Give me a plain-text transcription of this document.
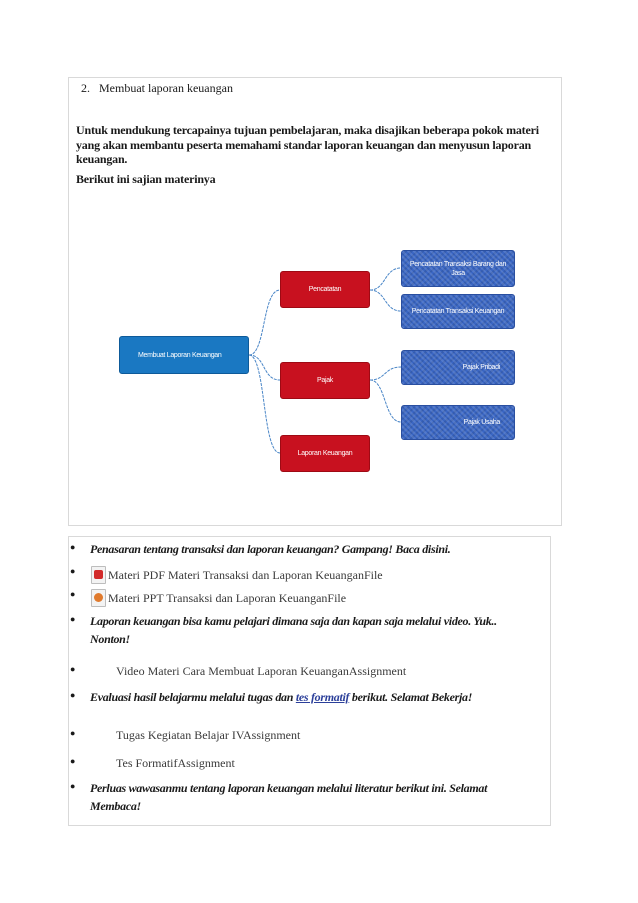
2. Membuat laporan keuangan
Untuk mendukung tercapainya tujuan pembelajaran, maka disajikan beberapa pokok materi yang akan membantu peserta memahami standar laporan keuangan dan menyusun laporan keuangan.
Berikut ini sajian materinya
Membuat Laporan Keuangan
Pencatatan
Pajak
Laporan Keuangan
Pencatatan Transaksi Barang dan Jasa
Pencatatan Transaksi Keuangan
Pajak Pribadi
Pajak Usaha
●	Penasaran tentang transaksi dan laporan keuangan? Gampang! Baca disini.
●	Materi PDF Materi Transaksi dan Laporan KeuanganFile
●	Materi PPT Transaksi dan Laporan KeuanganFile
●	Laporan keuangan bisa kamu pelajari dimana saja dan kapan saja melalui video. Yuk..
Nonton!
●	Video Materi Cara Membuat Laporan KeuanganAssignment
●	Evaluasi hasil belajarmu melalui tugas dan tes formatif berikut. Selamat Bekerja!
●	Tugas Kegiatan Belajar IVAssignment
●	Tes FormatifAssignment
●	Perluas wawasanmu tentang laporan keuangan melalui literatur berikut ini. Selamat
Membaca!
